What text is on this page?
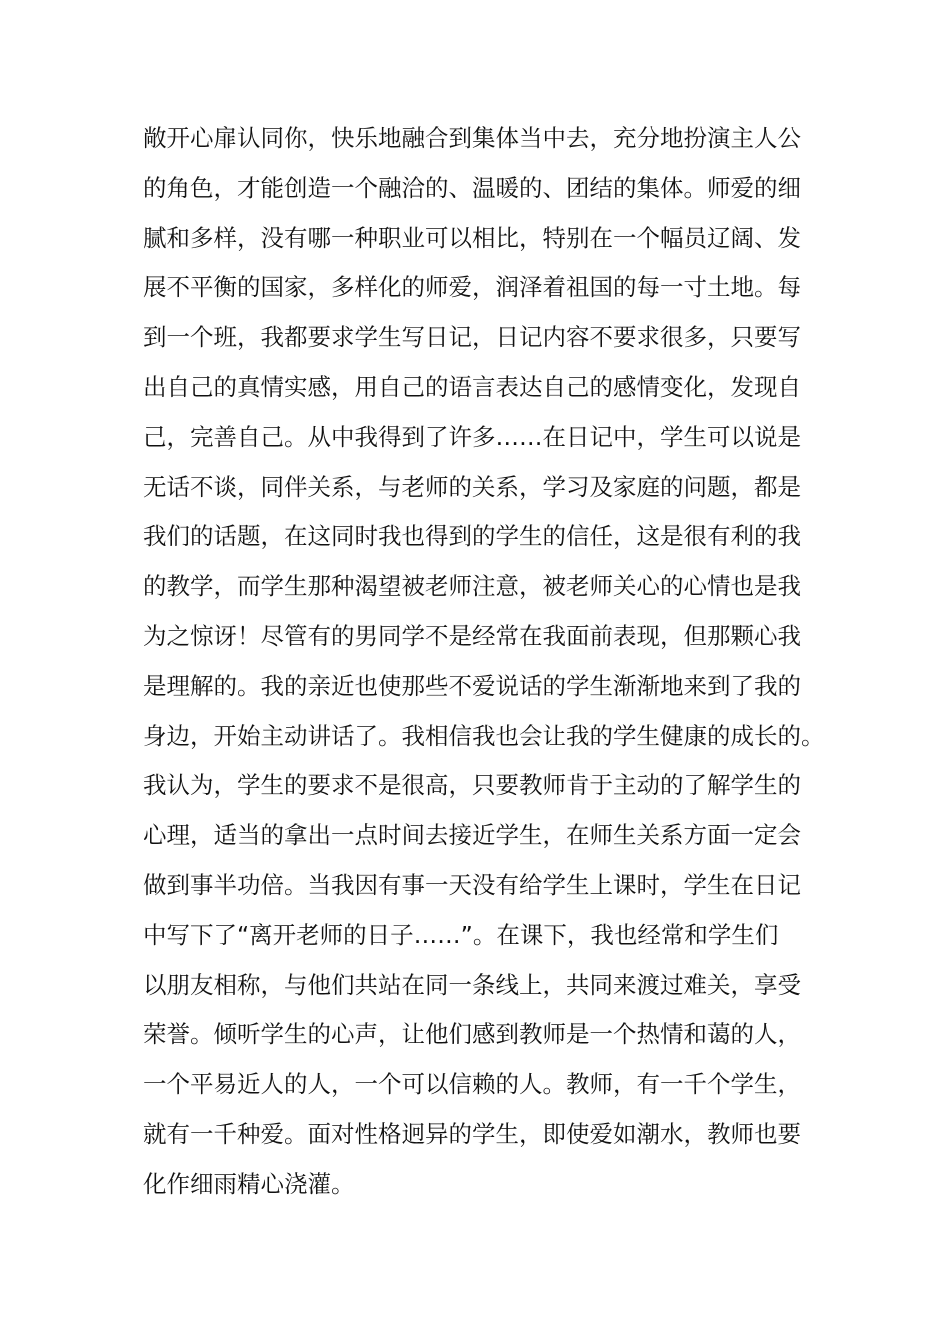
敞开心扉认同你，快乐地融合到集体当中去，充分地扮演主人公

的角色，才能创造一个融洽的、温暖的、团结的集体。师爱的细

腻和多样，没有哪一种职业可以相比，特别在一个幅员辽阔、发

展不平衡的国家，多样化的师爱，润泽着祖国的每一寸土地。每

到一个班，我都要求学生写日记，日记内容不要求很多，只要写

出自己的真情实感，用自己的语言表达自己的感情变化，发现自

己，完善自己。从中我得到了许多……在日记中，学生可以说是

无话不谈，同伴关系，与老师的关系，学习及家庭的问题，都是

我们的话题，在这同时我也得到的学生的信任，这是很有利的我

的教学，而学生那种渴望被老师注意，被老师关心的心情也是我

为之惊讶！尽管有的男同学不是经常在我面前表现，但那颗心我

是理解的。我的亲近也使那些不爱说话的学生渐渐地来到了我的

身边，开始主动讲话了。我相信我也会让我的学生健康的成长的。

我认为，学生的要求不是很高，只要教师肯于主动的了解学生的

心理，适当的拿出一点时间去接近学生，在师生关系方面一定会

做到事半功倍。当我因有事一天没有给学生上课时，学生在日记

中写下了“离开老师的日子……”。在课下，我也经常和学生们

以朋友相称，与他们共站在同一条线上，共同来渡过难关，享受

荣誉。倾听学生的心声，让他们感到教师是一个热情和蔼的人，

一个平易近人的人，一个可以信赖的人。教师，有一千个学生，

就有一千种爱。面对性格迥异的学生，即使爱如潮水，教师也要

化作细雨精心浇灌。
